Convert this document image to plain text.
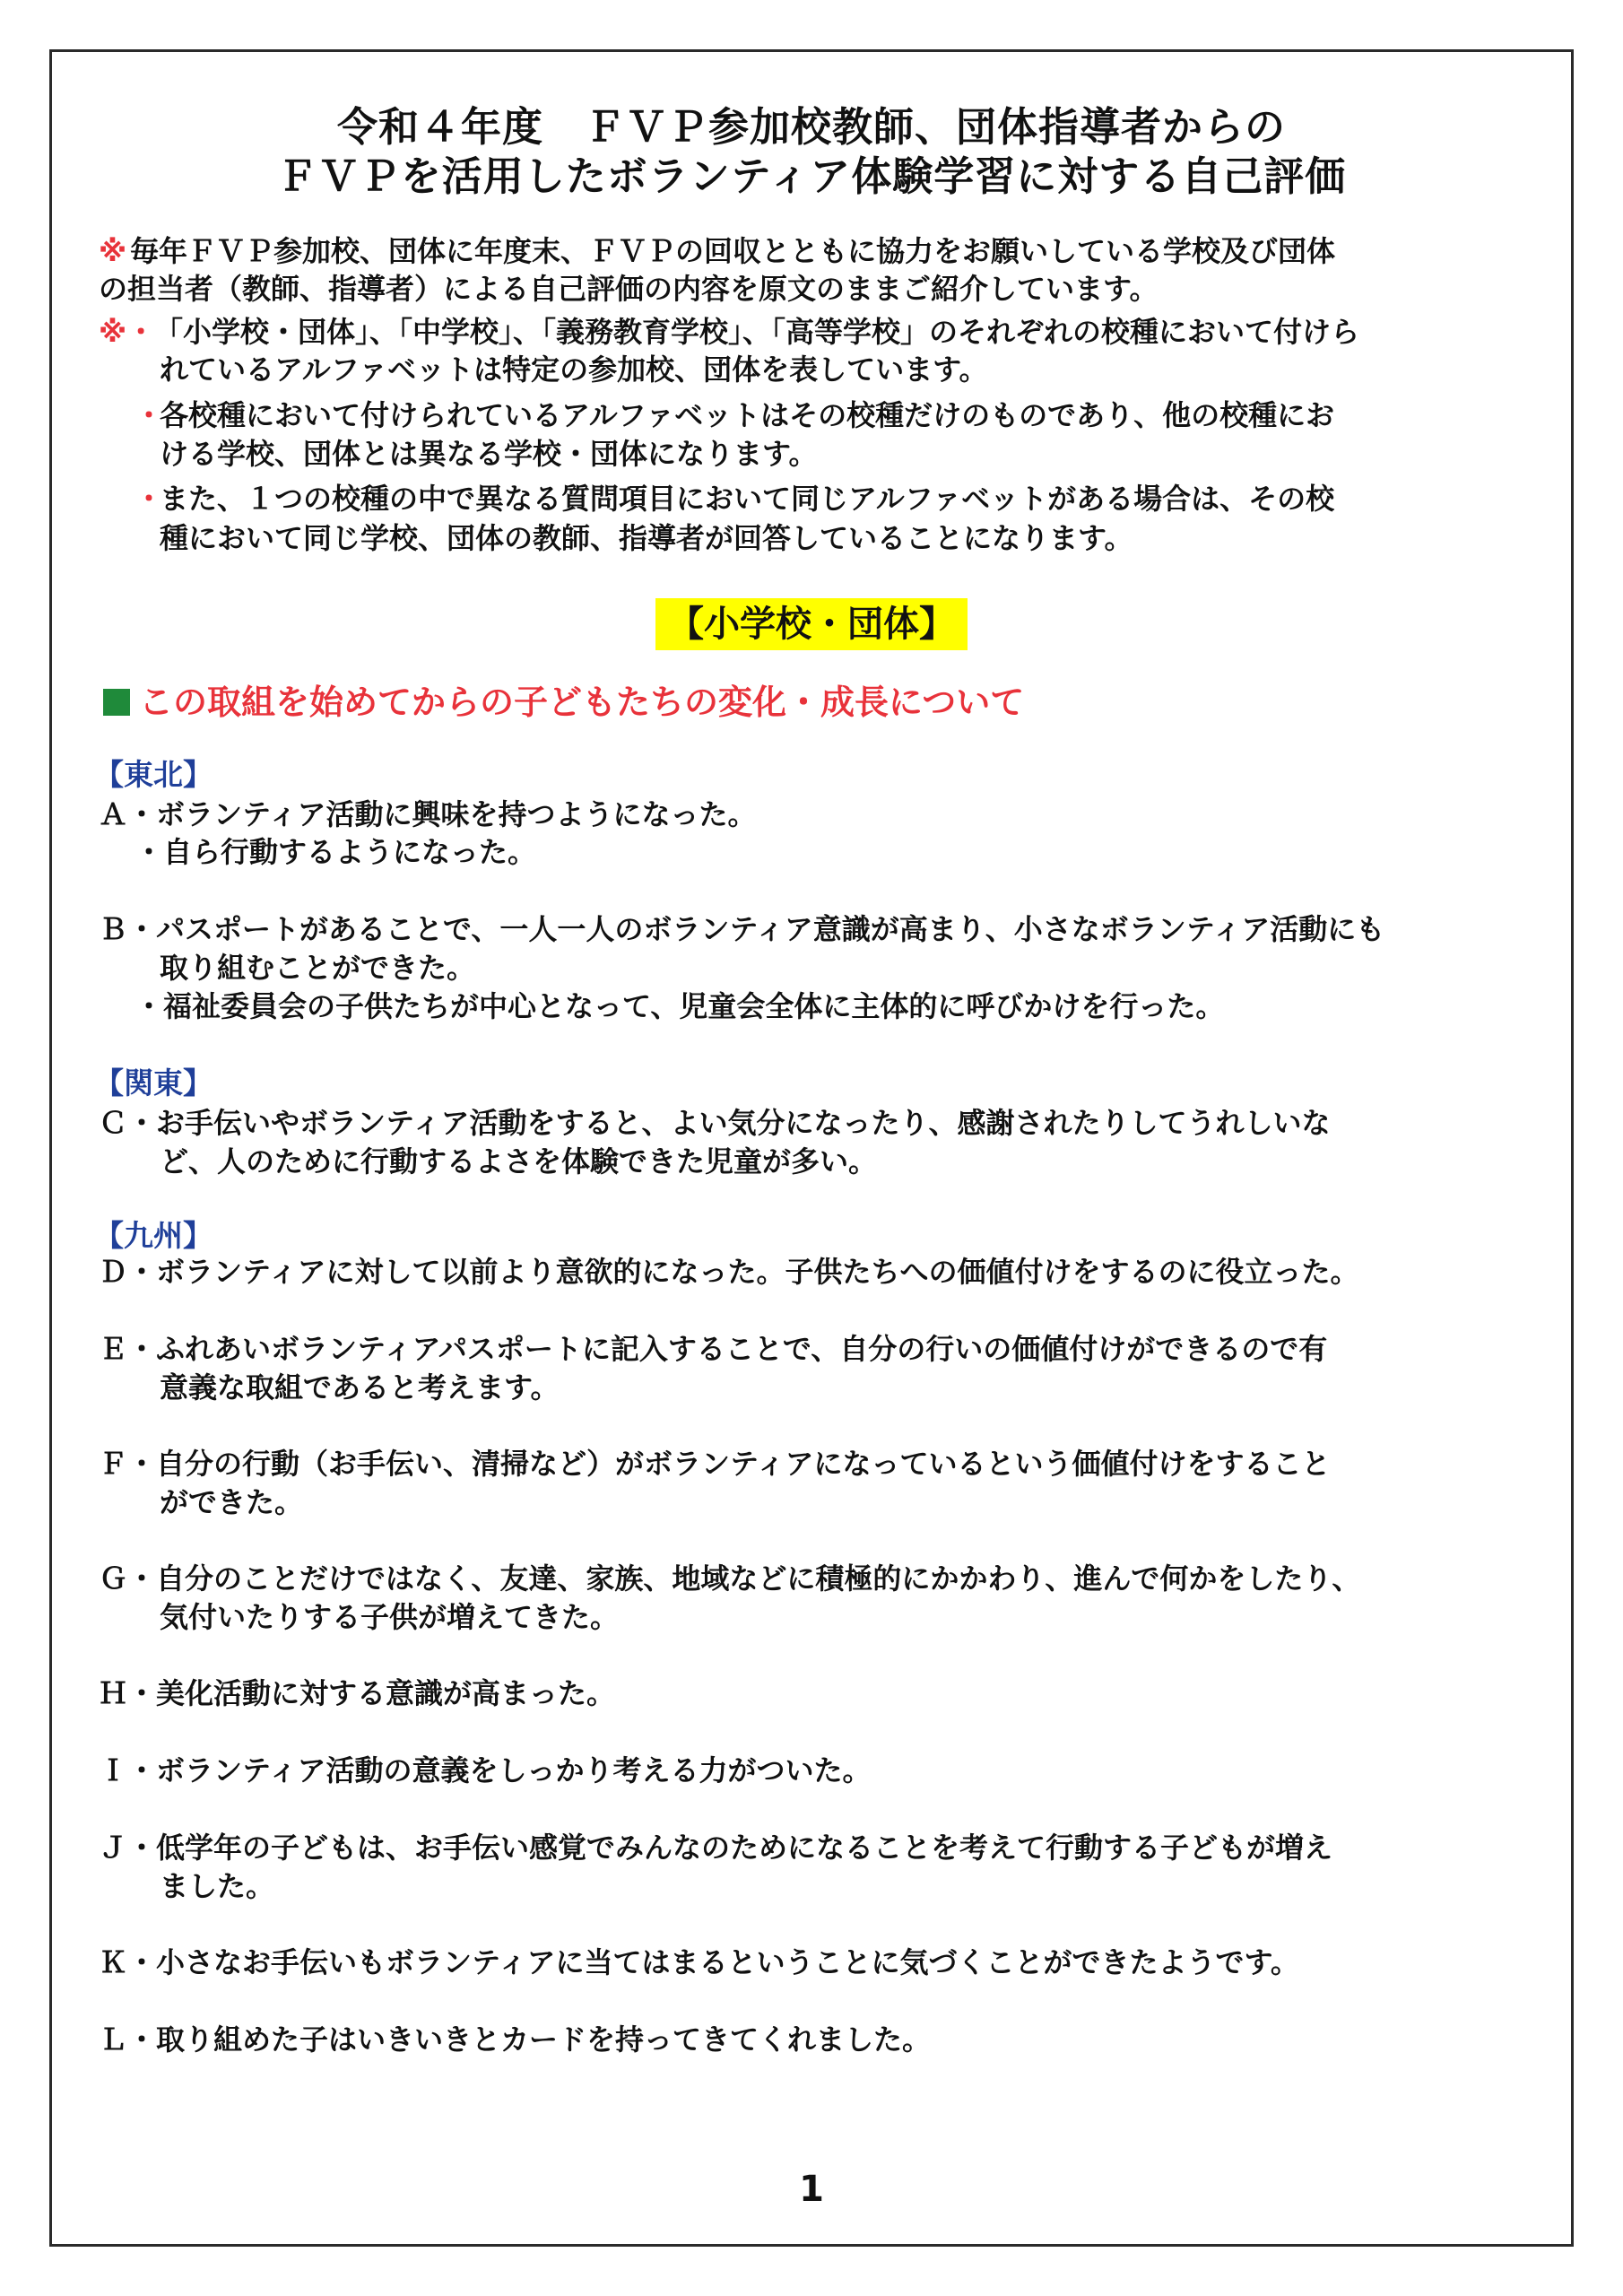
令和４年度　ＦＶＰ参加校教師、団体指導者からの
ＦＶＰを活用したボランティア体験学習に対する自己評価
※ 毎年ＦＶＰ参加校、団体に年度末、ＦＶＰの回収とともに協力をお願いしている学校及び団体
の担当者（教師、指導者）による自己評価の内容を原文のままご紹介しています。
※・
「小学校・団体」、「中学校」、「義務教育学校」、「高等学校」のそれぞれの校種において付けら
れているアルファベットは特定の参加校、団体を表しています。
・
各校種において付けられているアルファベットはその校種だけのものであり、他の校種にお
ける学校、団体とは異なる学校・団体になります。
・
また、１つの校種の中で異なる質問項目において同じアルファベットがある場合は、その校
種において同じ学校、団体の教師、指導者が回答していることになります。
【小学校・団体】
この取組を始めてからの子どもたちの変化・成長について
【東北】
Ａ・ボランティア活動に興味を持つようになった。
・自ら行動するようになった。
Ｂ・パスポートがあることで、一人一人のボランティア意識が高まり、小さなボランティア活動にも
取り組むことができた。
・福祉委員会の子供たちが中心となって、児童会全体に主体的に呼びかけを行った。
【関東】
Ｃ・お手伝いやボランティア活動をすると、よい気分になったり、感謝されたりしてうれしいな
ど、人のために行動するよさを体験できた児童が多い。
【九州】
Ｄ・ボランティアに対して以前より意欲的になった。子供たちへの価値付けをするのに役立った。
Ｅ・ふれあいボランティアパスポートに記入することで、自分の行いの価値付けができるので有
意義な取組であると考えます。
Ｆ・自分の行動（お手伝い、清掃など）がボランティアになっているという価値付けをすること
ができた。
Ｇ・自分のことだけではなく、友達、家族、地域などに積極的にかかわり、進んで何かをしたり、
気付いたりする子供が増えてきた。
Ｈ・美化活動に対する意識が高まった。
Ｉ・ボランティア活動の意義をしっかり考える力がついた。
Ｊ・低学年の子どもは、お手伝い感覚でみんなのためになることを考えて行動する子どもが増え
ました。
Ｋ・小さなお手伝いもボランティアに当てはまるということに気づくことができたようです。
Ｌ・取り組めた子はいきいきとカードを持ってきてくれました。
1
